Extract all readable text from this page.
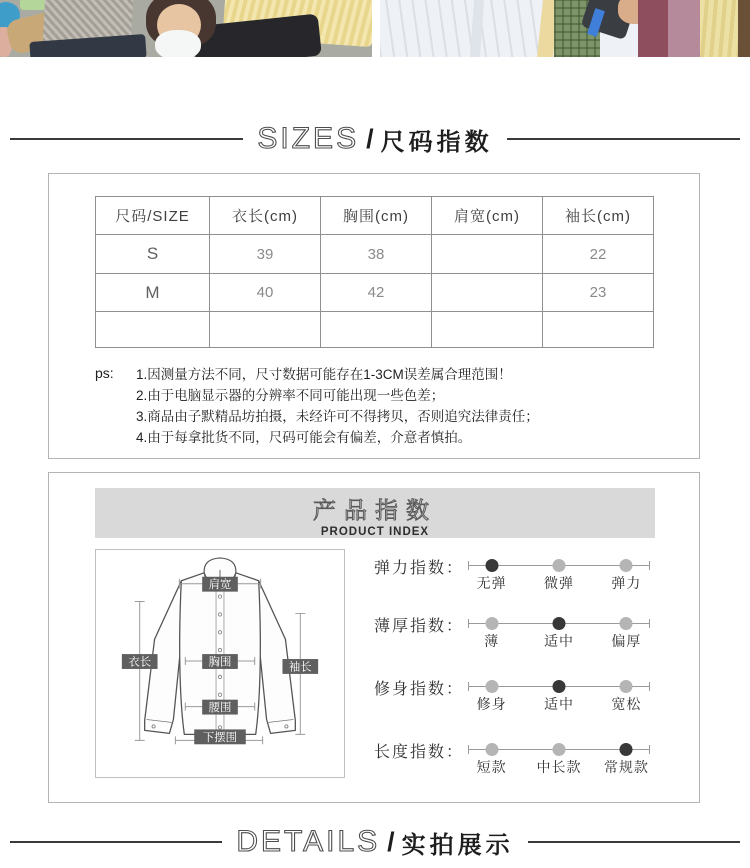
SIZES / 尺码指数
尺码/SIZE	衣长(cm)	胸围(cm)	肩宽(cm)	袖长(cm)
S	39	38		22
M	40	42		23

ps:	1.因测量方法不同，尺寸数据可能存在1-3CM误差属合理范围！
2.由于电脑显示器的分辨率不同可能出现一些色差；
3.商品由子默精品坊拍摄，未经许可不得拷贝，否则追究法律责任；
4.由于每拿批货不同，尺码可能会有偏差，介意者慎拍。
产品指数
PRODUCT INDEX
肩宽
衣长	胸围	袖长
腰围
下摆围
弹力指数：
无弹	微弹	弹力
薄厚指数：
薄	适中	偏厚
修身指数：
修身	适中	宽松
长度指数：
短款 中长款 常规款
DETAILS / 实拍展示
